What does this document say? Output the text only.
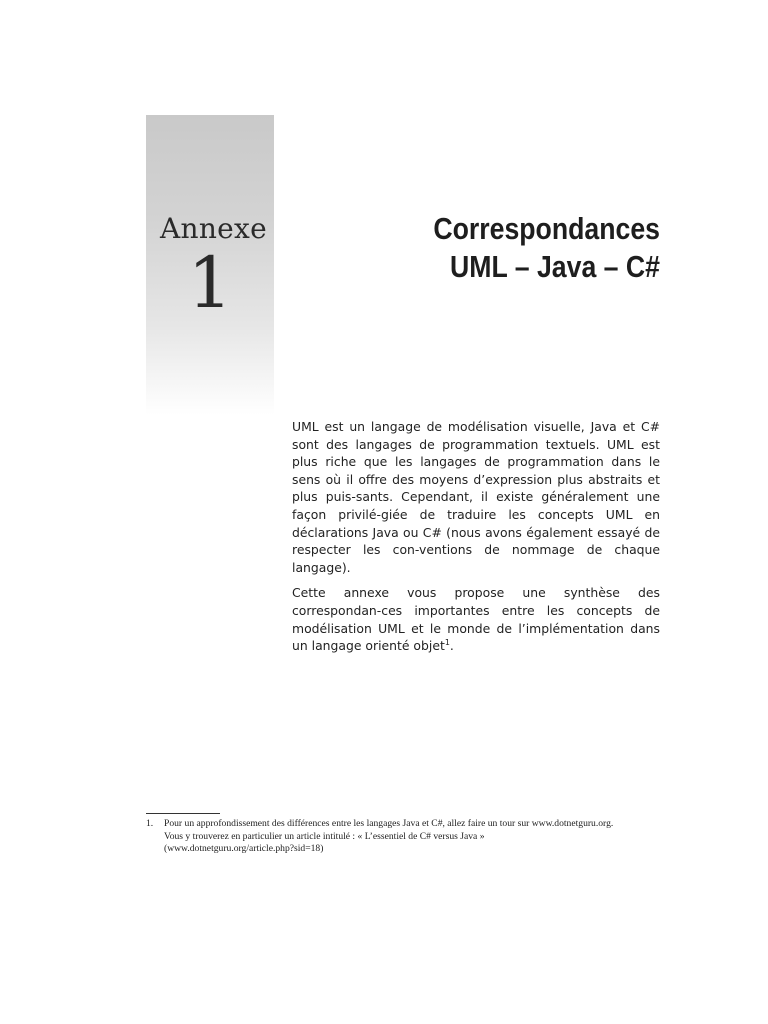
Annexe
1
Correspondances
UML – Java – C#

UML est un langage de modélisation visuelle, Java et C# sont des langages de programmation textuels. UML est plus riche que les langages de programmation dans le sens où il offre des moyens d’expression plus abstraits et plus puis-sants. Cependant, il existe généralement une façon privilé-giée de traduire les concepts UML en déclarations Java ou C# (nous avons également essayé de respecter les con-ventions de nommage de chaque langage).

Cette annexe vous propose une synthèse des correspondan-ces importantes entre les concepts de modélisation UML et le monde de l’implémentation dans un langage orienté objet$^1$.

1. Pour un approfondissement des différences entre les langages Java et C#, allez faire un tour sur www.dotnetguru.org.
Vous y trouverez en particulier un article intitulé : « L’essentiel de C# versus Java »
(www.dotnetguru.org/article.php?sid=18)
